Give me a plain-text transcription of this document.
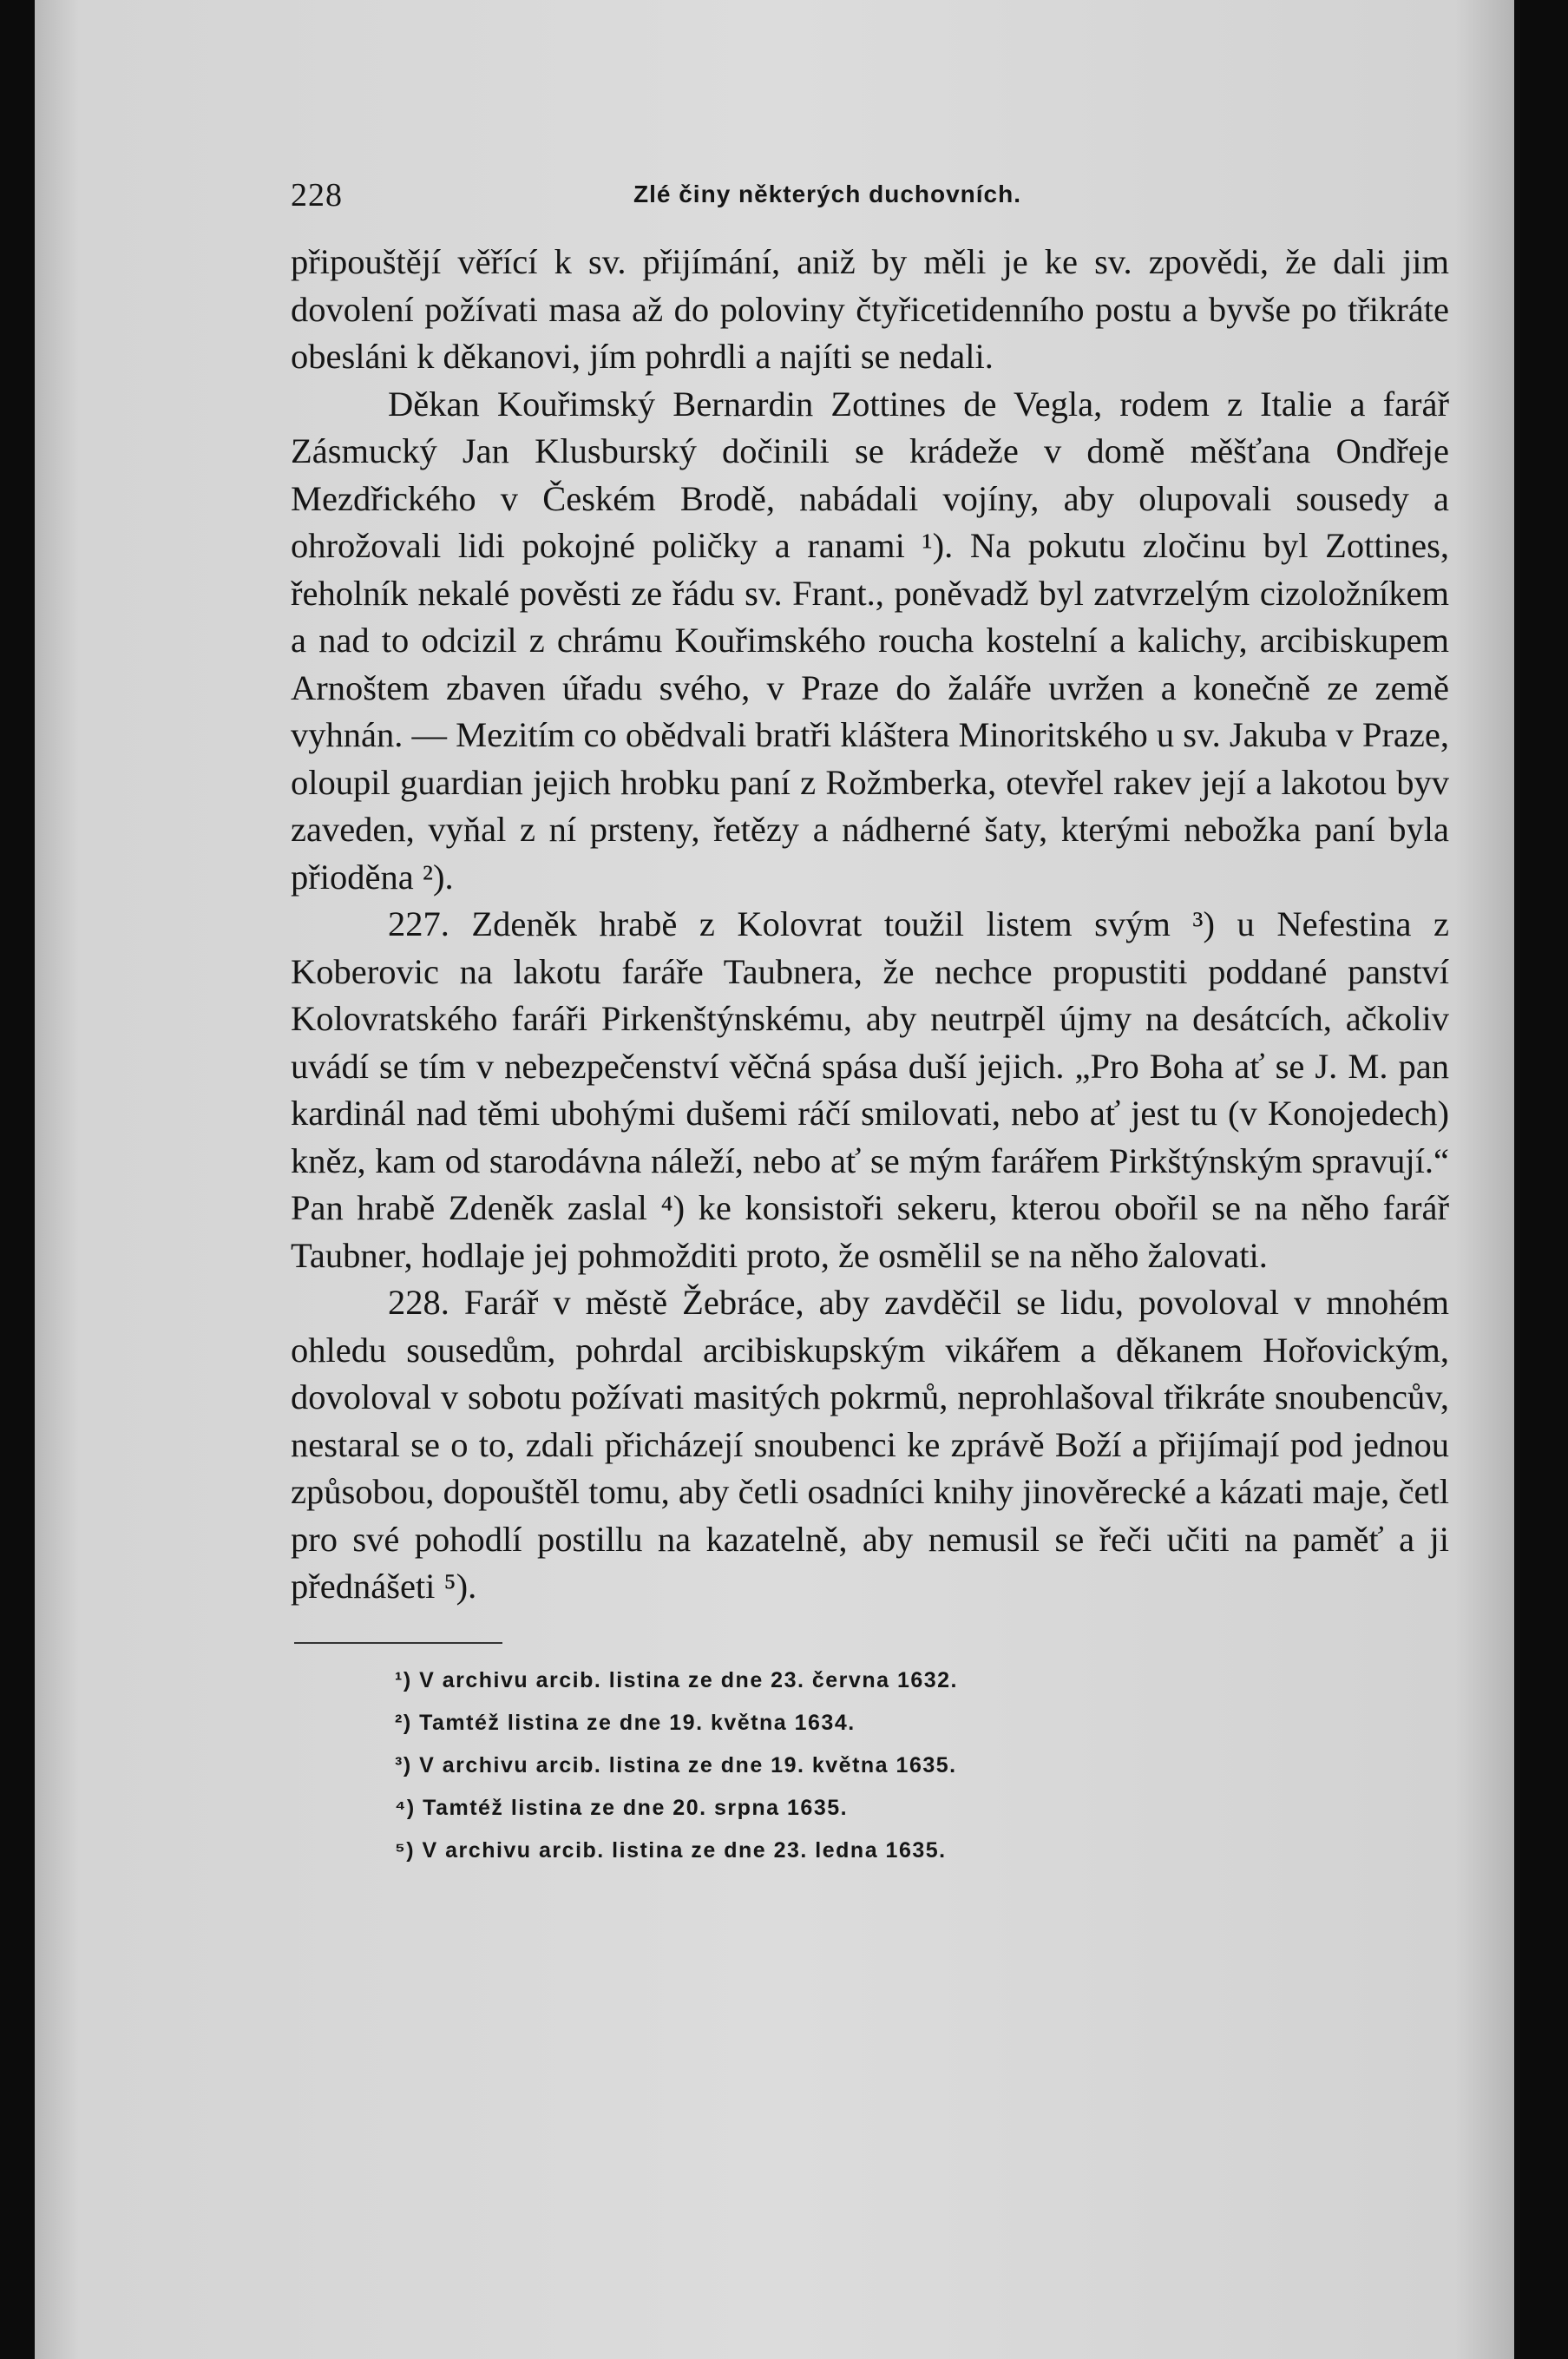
228	Zlé činy některých duchovních.

připouštějí věřící k sv. přijímání, aniž by měli je ke sv. zpovědi, že dali jim dovolení požívati masa až do poloviny čtyřicetidenního postu a byvše po třikráte obesláni k děkanovi, jím pohrdli a najíti se nedali.

Děkan Kouřimský Bernardin Zottines de Vegla, rodem z Italie a farář Zásmucký Jan Klusburský dočinili se krádeže v domě měšťana Ondřeje Mezdřického v Českém Brodě, nabádali vojíny, aby olupovali sousedy a ohrožovali lidi pokojné poličky a ranami ¹). Na pokutu zločinu byl Zottines, řeholník nekalé pověsti ze řádu sv. Frant., poněvadž byl zatvrzelým cizoložníkem a nad to odcizil z chrámu Kouřimského roucha kostelní a kalichy, arcibiskupem Arnoštem zbaven úřadu svého, v Praze do žaláře uvržen a konečně ze země vyhnán. — Mezitím co obědvali bratři kláštera Minoritského u sv. Jakuba v Praze, oloupil guardian jejich hrobku paní z Rožmberka, otevřel rakev její a lakotou byv zaveden, vyňal z ní prsteny, řetězy a nádherné šaty, kterými nebožka paní byla přioděna ²).

227. Zdeněk hrabě z Kolovrat toužil listem svým ³) u Nefestina z Koberovic na lakotu faráře Taubnera, že nechce propustiti poddané panství Kolovratského faráři Pirkenštýnskému, aby neutrpěl újmy na desátcích, ačkoliv uvádí se tím v nebezpečenství věčná spása duší jejich. „Pro Boha ať se J. M. pan kardinál nad těmi ubohými dušemi ráčí smilovati, nebo ať jest tu (v Konojedech) kněz, kam od starodávna náleží, nebo ať se mým farářem Pirkštýnským spravují.“ Pan hrabě Zdeněk zaslal ⁴) ke konsistoři sekeru, kterou obořil se na něho farář Taubner, hodlaje jej pohmožditi proto, že osmělil se na něho žalovati.

228. Farář v městě Žebráce, aby zavděčil se lidu, povoloval v mnohém ohledu sousedům, pohrdal arcibiskupským vikářem a děkanem Hořovickým, dovoloval v sobotu požívati masitých pokrmů, neprohlašoval třikráte snoubencův, nestaral se o to, zdali přicházejí snoubenci ke zprávě Boží a přijímají pod jednou způsobou, dopouštěl tomu, aby četli osadníci knihy jinověrecké a kázati maje, četl pro své pohodlí postillu na kazatelně, aby nemusil se řeči učiti na paměť a ji přednášeti ⁵).

¹) V archivu arcib. listina ze dne 23. června 1632.
²) Tamtéž listina ze dne 19. května 1634.
³) V archivu arcib. listina ze dne 19. května 1635.
⁴) Tamtéž listina ze dne 20. srpna 1635.
⁵) V archivu arcib. listina ze dne 23. ledna 1635.
